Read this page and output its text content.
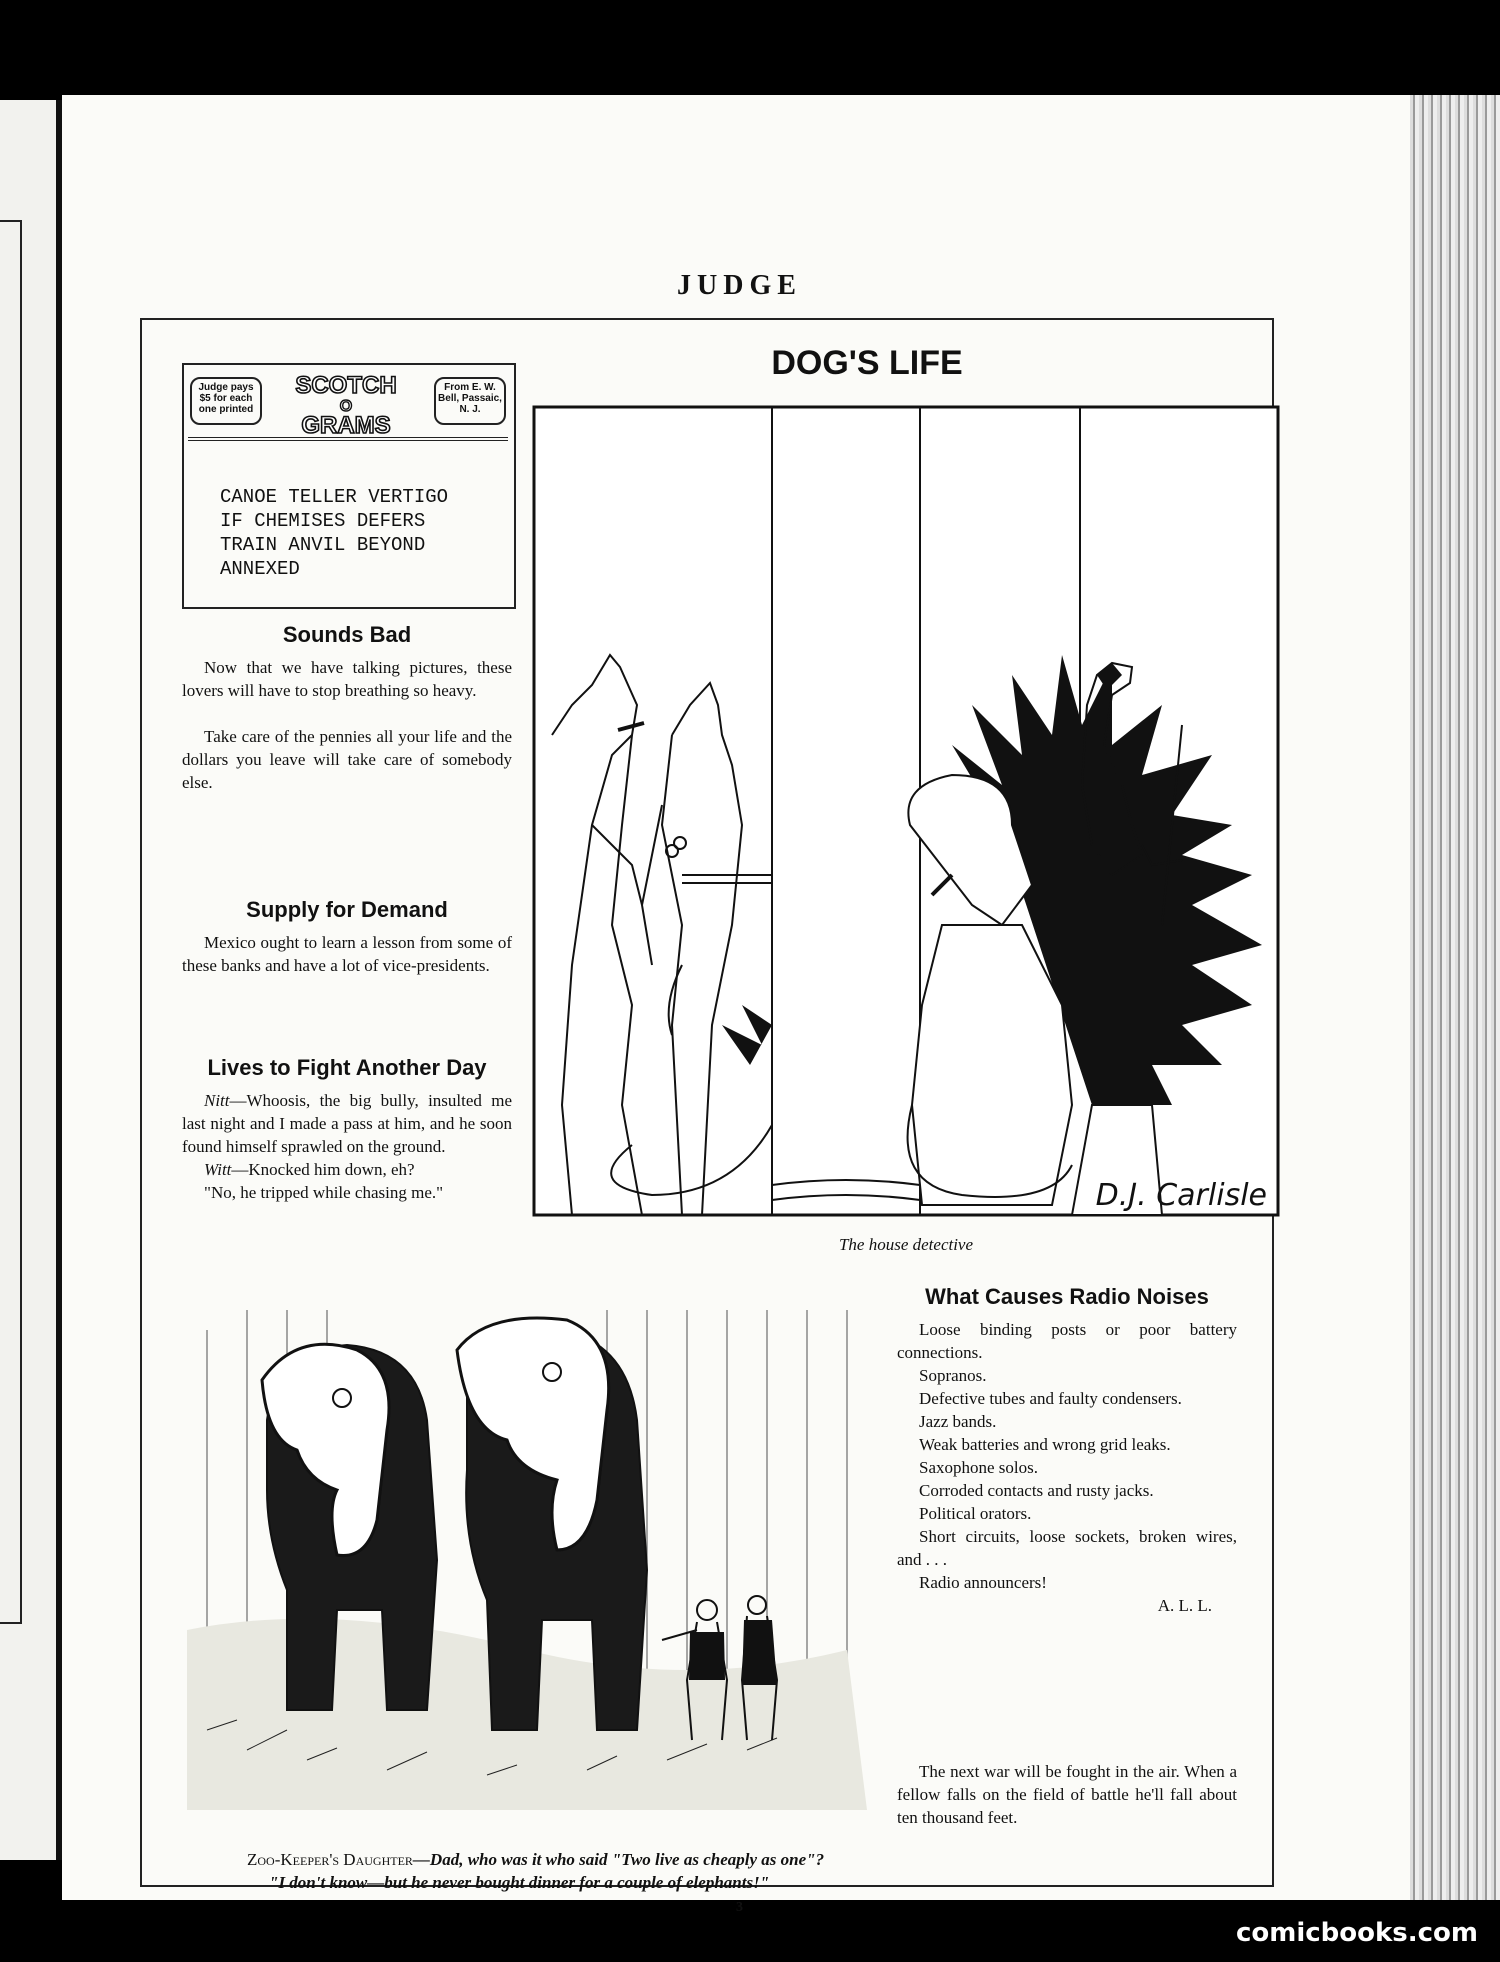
JUDGE
Judge pays $5 for each one printed
SCOTCH
O
GRAMS
From E. W. Bell, Passaic, N. J.
CANOE TELLER VERTIGO
IF CHEMISES DEFERS
TRAIN ANVIL BEYOND
ANNEXED
Sounds Bad

Now that we have talking pictures, these lovers will have to stop breathing so heavy.

Take care of the pennies all your life and the dollars you leave will take care of somebody else.

Supply for Demand

Mexico ought to learn a lesson from some of these banks and have a lot of vice-presidents.

Lives to Fight Another Day

Nitt—Whoosis, the big bully, insulted me last night and I made a pass at him, and he soon found himself sprawled on the ground.

Witt—Knocked him down, eh?

"No, he tripped while chasing me."

DOG'S LIFE
D.J. Carlisle
The house detective

Zoo-Keeper's Daughter—Dad, who was it who said "Two live as cheaply as one"?

"I don't know—but he never bought dinner for a couple of elephants!"

What Causes Radio Noises

Loose binding posts or poor battery connections.

Sopranos.

Defective tubes and faulty condensers.

Jazz bands.

Weak batteries and wrong grid leaks.

Saxophone solos.

Corroded contacts and rusty jacks.

Political orators.

Short circuits, loose sockets, broken wires, and . . .

Radio announcers!

A. L. L.

The next war will be fought in the air. When a fellow falls on the field of battle he'll fall about ten thousand feet.

3
comicbooks.com
